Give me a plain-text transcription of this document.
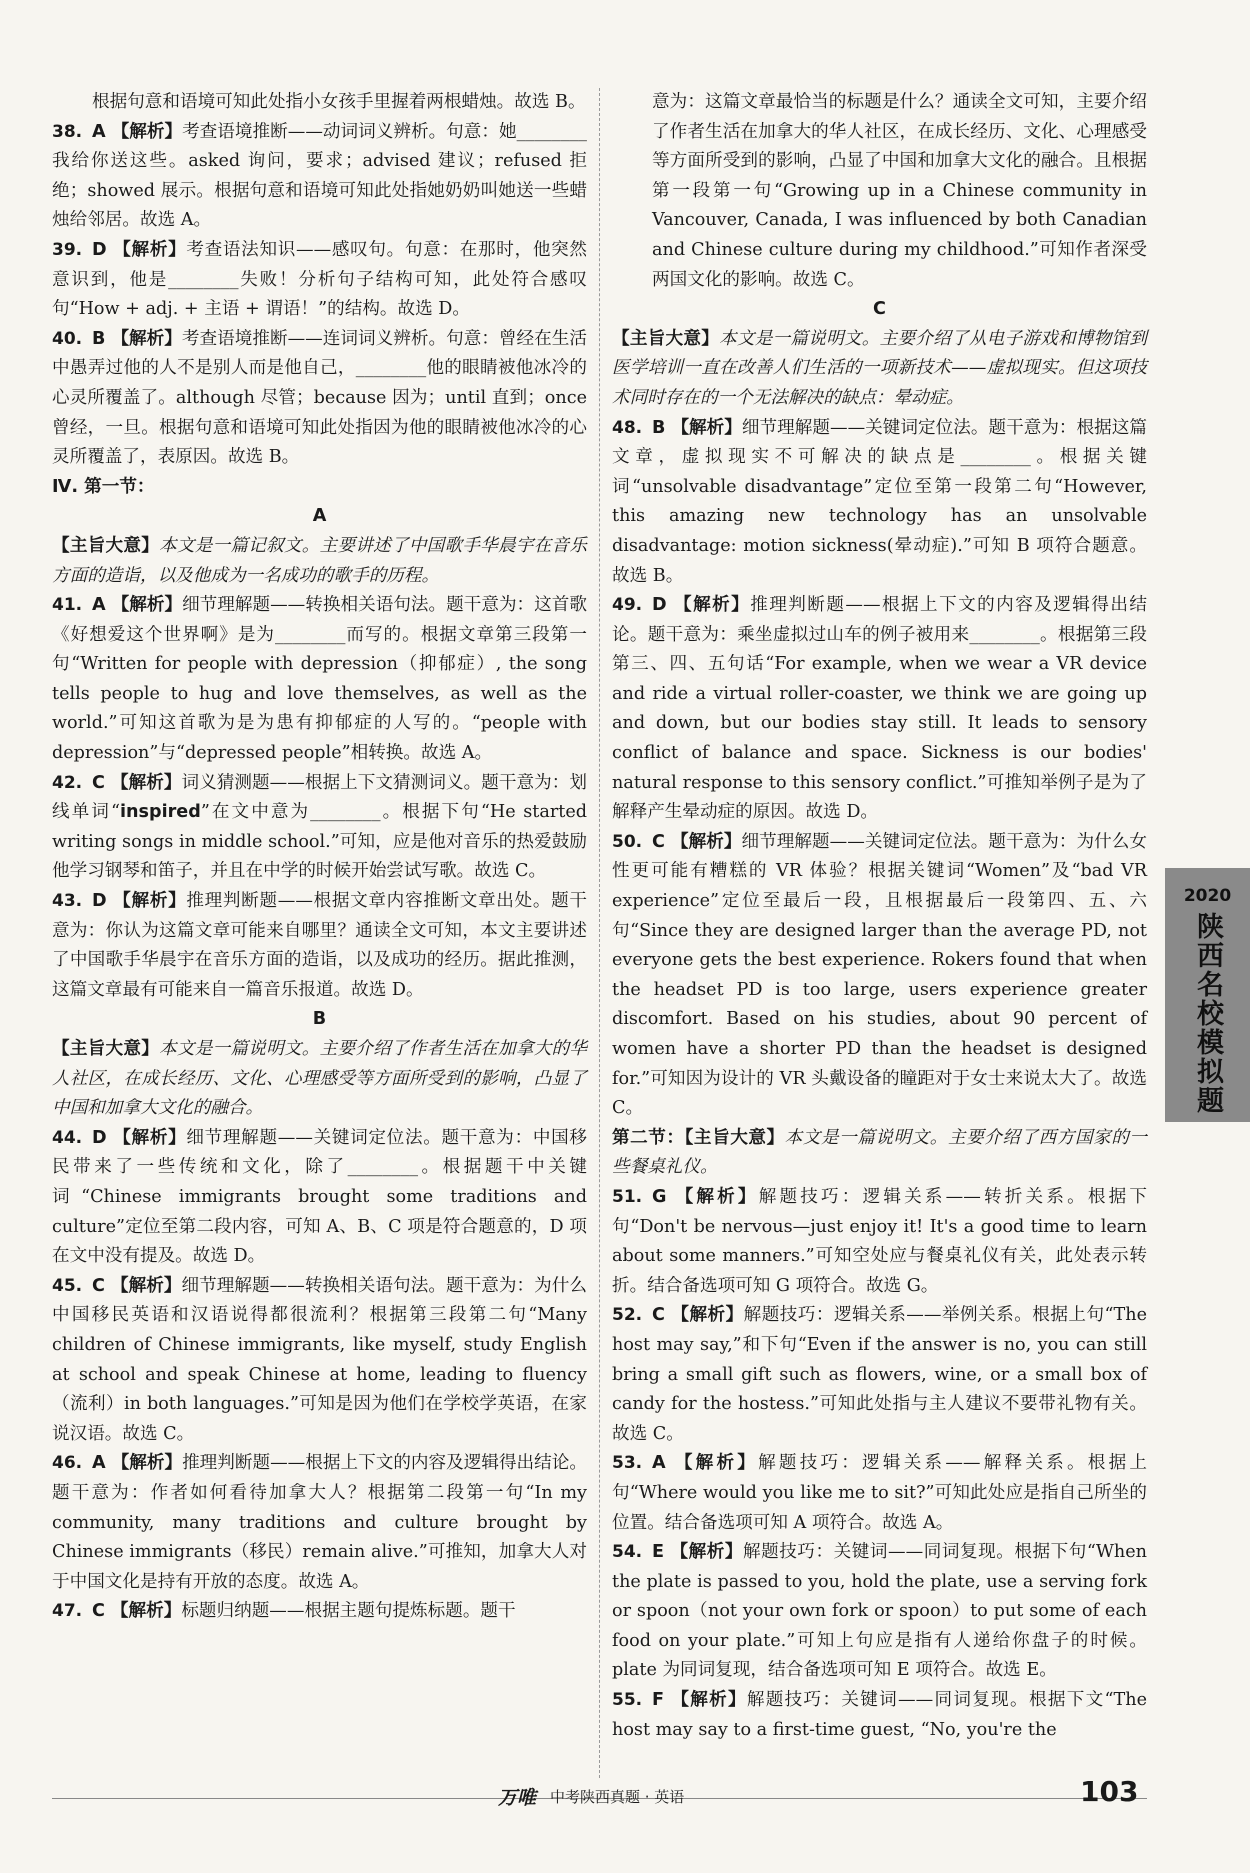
根据句意和语境可知此处指小女孩手里握着两根蜡烛。故选 B。

38. A 【解析】考查语境推断——动词词义辨析。句意：她________我给你送这些。asked 询问，要求；advised 建议；refused 拒绝；showed 展示。根据句意和语境可知此处指她奶奶叫她送一些蜡烛给邻居。故选 A。

39. D 【解析】考查语法知识——感叹句。句意：在那时，他突然意识到，他是________失败！分析句子结构可知，此处符合感叹句“How + adj. + 主语 + 谓语！”的结构。故选 D。

40. B 【解析】考查语境推断——连词词义辨析。句意：曾经在生活中愚弄过他的人不是别人而是他自己，________他的眼睛被他冰冷的心灵所覆盖了。although 尽管；because 因为；until 直到；once 曾经，一旦。根据句意和语境可知此处指因为他的眼睛被他冰冷的心灵所覆盖了，表原因。故选 B。

Ⅳ. 第一节：

A

【主旨大意】本文是一篇记叙文。主要讲述了中国歌手华晨宇在音乐方面的造诣，以及他成为一名成功的歌手的历程。

41. A 【解析】细节理解题——转换相关语句法。题干意为：这首歌《好想爱这个世界啊》是为________而写的。根据文章第三段第一句“Written for people with depression（抑郁症）, the song tells people to hug and love themselves, as well as the world.”可知这首歌为是为患有抑郁症的人写的。“people with depression”与“depressed people”相转换。故选 A。

42. C 【解析】词义猜测题——根据上下文猜测词义。题干意为：划线单词“inspired”在文中意为________。根据下句“He started writing songs in middle school.”可知，应是他对音乐的热爱鼓励他学习钢琴和笛子，并且在中学的时候开始尝试写歌。故选 C。

43. D 【解析】推理判断题——根据文章内容推断文章出处。题干意为：你认为这篇文章可能来自哪里？通读全文可知，本文主要讲述了中国歌手华晨宇在音乐方面的造诣，以及成功的经历。据此推测，这篇文章最有可能来自一篇音乐报道。故选 D。

B

【主旨大意】本文是一篇说明文。主要介绍了作者生活在加拿大的华人社区，在成长经历、文化、心理感受等方面所受到的影响，凸显了中国和加拿大文化的融合。

44. D 【解析】细节理解题——关键词定位法。题干意为：中国移民带来了一些传统和文化，除了________。根据题干中关键词“Chinese immigrants brought some traditions and culture”定位至第二段内容，可知 A、B、C 项是符合题意的，D 项在文中没有提及。故选 D。

45. C 【解析】细节理解题——转换相关语句法。题干意为：为什么中国移民英语和汉语说得都很流利？根据第三段第二句“Many children of Chinese immigrants, like myself, study English at school and speak Chinese at home, leading to fluency（流利）in both languages.”可知是因为他们在学校学英语，在家说汉语。故选 C。

46. A 【解析】推理判断题——根据上下文的内容及逻辑得出结论。题干意为：作者如何看待加拿大人？根据第二段第一句“In my community, many traditions and culture brought by Chinese immigrants（移民）remain alive.”可推知，加拿大人对于中国文化是持有开放的态度。故选 A。

47. C 【解析】标题归纳题——根据主题句提炼标题。题干

意为：这篇文章最恰当的标题是什么？通读全文可知，主要介绍了作者生活在加拿大的华人社区，在成长经历、文化、心理感受等方面所受到的影响，凸显了中国和加拿大文化的融合。且根据第一段第一句“Growing up in a Chinese community in Vancouver, Canada, I was influenced by both Canadian and Chinese culture during my childhood.”可知作者深受两国文化的影响。故选 C。

C

【主旨大意】本文是一篇说明文。主要介绍了从电子游戏和博物馆到医学培训一直在改善人们生活的一项新技术——虚拟现实。但这项技术同时存在的一个无法解决的缺点：晕动症。

48. B 【解析】细节理解题——关键词定位法。题干意为：根据这篇文章，虚拟现实不可解决的缺点是________。根据关键词“unsolvable disadvantage”定位至第一段第二句“However, this amazing new technology has an unsolvable disadvantage: motion sickness(晕动症).”可知 B 项符合题意。故选 B。

49. D 【解析】推理判断题——根据上下文的内容及逻辑得出结论。题干意为：乘坐虚拟过山车的例子被用来________。根据第三段第三、四、五句话“For example, when we wear a VR device and ride a virtual roller-coaster, we think we are going up and down, but our bodies stay still. It leads to sensory conflict of balance and space. Sickness is our bodies' natural response to this sensory conflict.”可推知举例子是为了解释产生晕动症的原因。故选 D。

50. C 【解析】细节理解题——关键词定位法。题干意为：为什么女性更可能有糟糕的 VR 体验？根据关键词“Women”及“bad VR experience”定位至最后一段，且根据最后一段第四、五、六句“Since they are designed larger than the average PD, not everyone gets the best experience. Rokers found that when the headset PD is too large, users experience greater discomfort. Based on his studies, about 90 percent of women have a shorter PD than the headset is designed for.”可知因为设计的 VR 头戴设备的瞳距对于女士来说太大了。故选 C。

第二节：【主旨大意】本文是一篇说明文。主要介绍了西方国家的一些餐桌礼仪。

51. G 【解析】解题技巧：逻辑关系——转折关系。根据下句“Don't be nervous—just enjoy it! It's a good time to learn about some manners.”可知空处应与餐桌礼仪有关，此处表示转折。结合备选项可知 G 项符合。故选 G。

52. C 【解析】解题技巧：逻辑关系——举例关系。根据上句“The host may say,”和下句“Even if the answer is no, you can still bring a small gift such as flowers, wine, or a small box of candy for the hostess.”可知此处指与主人建议不要带礼物有关。故选 C。

53. A 【解析】解题技巧：逻辑关系——解释关系。根据上句“Where would you like me to sit?”可知此处应是指自己所坐的位置。结合备选项可知 A 项符合。故选 A。

54. E 【解析】解题技巧：关键词——同词复现。根据下句“When the plate is passed to you, hold the plate, use a serving fork or spoon（not your own fork or spoon）to put some of each food on your plate.”可知上句应是指有人递给你盘子的时候。plate 为同词复现，结合备选项可知 E 项符合。故选 E。

55. F 【解析】解题技巧：关键词——同词复现。根据下文“The host may say to a first-time guest, “No, you're the

2020
陕西名校模拟题
万唯 中考陕西真题 · 英语	103
